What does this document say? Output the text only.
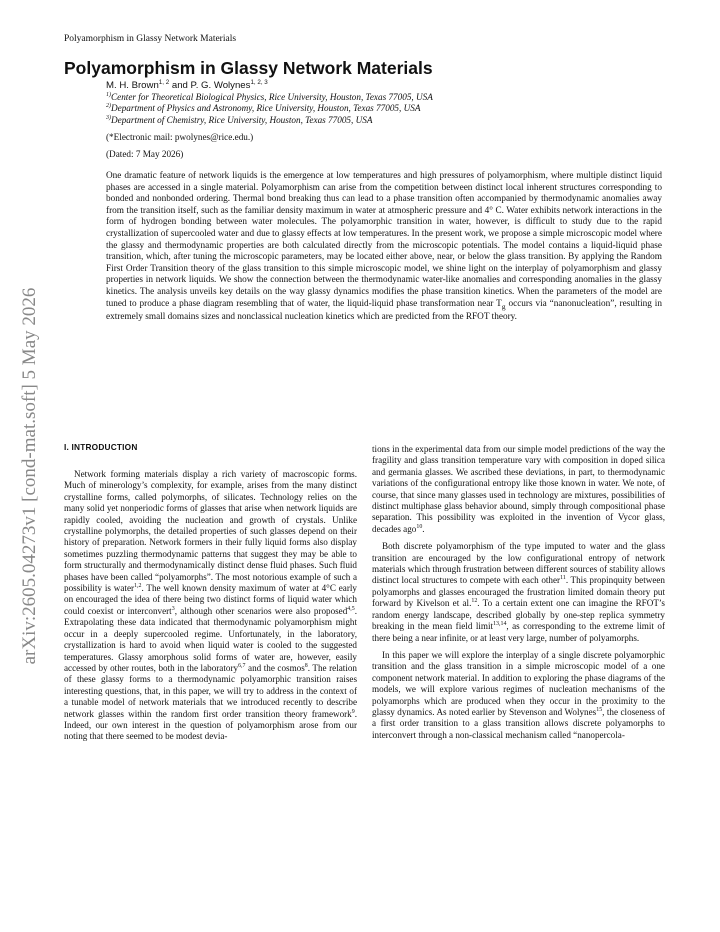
Polyamorphism in Glassy Network Materials
arXiv:2605.04273v1 [cond-mat.soft] 5 May 2026
Polyamorphism in Glassy Network Materials
M. H. Brown$^{1, 2}$ and P. G. Wolynes$^{1, 2, 3}$
$^{1)}$Center for Theoretical Biological Physics, Rice University, Houston, Texas 77005, USA
$^{2)}$Department of Physics and Astronomy, Rice University, Houston, Texas 77005, USA
$^{3)}$Department of Chemistry, Rice University, Houston, Texas 77005, USA
(*Electronic mail: pwolynes@rice.edu.)
(Dated: 7 May 2026)
One dramatic feature of network liquids is the emergence at low temperatures and high pressures of polyamorphism, where multiple distinct liquid phases are accessed in a single material. Polyamorphism can arise from the competition between distinct local inherent structures corresponding to bonded and nonbonded ordering. Thermal bond breaking thus can lead to a phase transition often accompanied by thermodynamic anomalies away from the transition itself, such as the familiar density maximum in water at atmospheric pressure and 4° C. Water exhibits network interactions in the form of hydrogen bonding between water molecules. The polyamorphic transition in water, however, is difficult to study due to the rapid crystallization of supercooled water and due to glassy effects at low temperatures. In the present work, we propose a simple microscopic model where the glassy and thermodynamic properties are both calculated directly from the microscopic potentials. The model contains a liquid-liquid phase transition, which, after tuning the microscopic parameters, may be located either above, near, or below the glass transition. By applying the Random First Order Transition theory of the glass transition to this simple microscopic model, we shine light on the interplay of polyamorphism and glassy properties in network liquids. We show the connection between the thermodynamic water-like anomalies and corresponding anomalies in the glassy kinetics. The analysis unveils key details on the way glassy dynamics modifies the phase transition kinetics. When the parameters of the model are tuned to produce a phase diagram resembling that of water, the liquid-liquid phase transformation near $T_g$ occurs via “nanonucleation”, resulting in extremely small domains sizes and nonclassical nucleation kinetics which are predicted from the RFOT theory.
I. INTRODUCTION

Network forming materials display a rich variety of macroscopic forms. Much of minerology’s complexity, for example, arises from the many distinct crystalline forms, called polymorphs, of silicates. Technology relies on the many solid yet nonperiodic forms of glasses that arise when network liquids are rapidly cooled, avoiding the nucleation and growth of crystals. Unlike crystalline polymorphs, the detailed properties of such glasses depend on their history of preparation. Network formers in their fully liquid forms also display sometimes puzzling thermodynamic patterns that suggest they may be able to form structurally and thermodynamically distinct dense fluid phases. Such fluid phases have been called “polyamorphs”. The most notorious example of such a possibility is water$^{1,2}$. The well known density maximum of water at 4°C early on encouraged the idea of there being two distinct forms of liquid water which could coexist or interconvert$^3$, although other scenarios were also proposed$^{4,5}$. Extrapolating these data indicated that thermodynamic polyamorphism might occur in a deeply supercooled regime. Unfortunately, in the laboratory, crystallization is hard to avoid when liquid water is cooled to the suggested temperatures. Glassy amorphous solid forms of water are, however, easily accessed by other routes, both in the laboratory$^{6,7}$ and the cosmos$^8$. The relation of these glassy forms to a thermodynamic polyamorphic transition raises interesting questions, that, in this paper, we will try to address in the context of a tunable model of network materials that we introduced recently to describe network glasses within the random first order transition theory framework$^9$. Indeed, our own interest in the question of polyamorphism arose from our noting that there seemed to be modest devia-

tions in the experimental data from our simple model predictions of the way the fragility and glass transition temperature vary with composition in doped silica and germania glasses. We ascribed these deviations, in part, to thermodynamic variations of the configurational entropy like those known in water. We note, of course, that since many glasses used in technology are mixtures, possibilities of distinct multiphase glass behavior abound, simply through compositional phase separation. This possibility was exploited in the invention of Vycor glass, decades ago$^{10}$.

Both discrete polyamorphism of the type imputed to water and the glass transition are encouraged by the low configurational entropy of network materials which through frustration between different sources of stability allows distinct local structures to compete with each other$^{11}$. This propinquity between polyamorphs and glasses encouraged the frustration limited domain theory put forward by Kivelson et al.$^{12}$. To a certain extent one can imagine the RFOT’s random energy landscape, described globally by one-step replica symmetry breaking in the mean field limit$^{13,14}$, as corresponding to the extreme limit of there being a near infinite, or at least very large, number of polyamorphs.

In this paper we will explore the interplay of a single discrete polyamorphic transition and the glass transition in a simple microscopic model of a one component network material. In addition to exploring the phase diagrams of the models, we will explore various regimes of nucleation mechanisms of the polyamorphs which are produced when they occur in the proximity to the glassy dynamics. As noted earlier by Stevenson and Wolynes$^{15}$, the closeness of a first order transition to a glass transition allows discrete polyamorphs to interconvert through a non-classical mechanism called “nanopercola-
